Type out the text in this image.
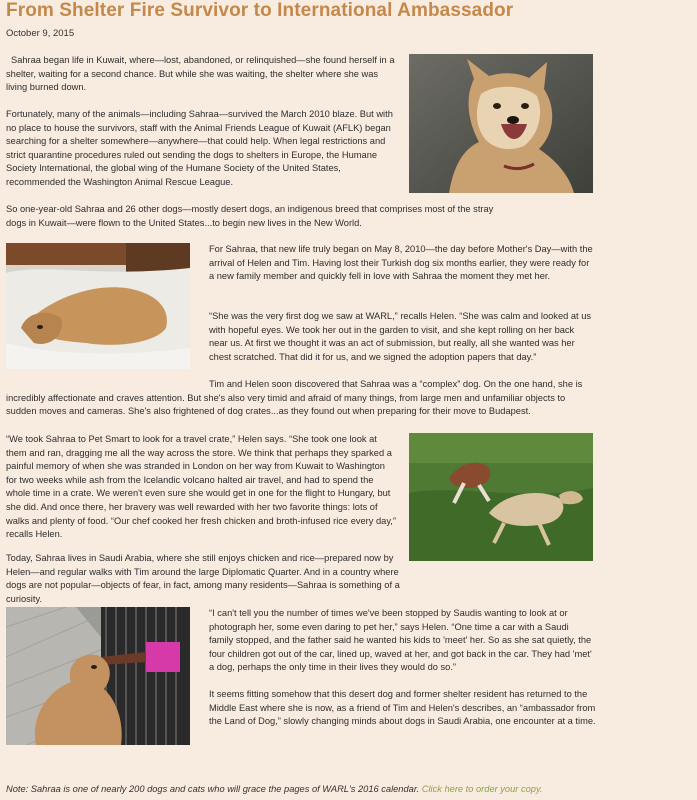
From Shelter Fire Survivor to International Ambassador
October 9, 2015

Sahraa began life in Kuwait, where—lost, abandoned, or relinquished—she found herself in a shelter, waiting for a second chance. But while she was waiting, the shelter where she was living burned down.

Fortunately, many of the animals—including Sahraa—survived the March 2010 blaze. But with no place to house the survivors, staff with the Animal Friends League of Kuwait (AFLK) began searching for a shelter somewhere—anywhere—that could help. When legal restrictions and strict quarantine procedures ruled out sending the dogs to shelters in Europe, the Humane Society International, the global wing of the Humane Society of the United States, recommended the Washington Animal Rescue League.

So one-year-old Sahraa and 26 other dogs—mostly desert dogs, an indigenous breed that comprises most of the stray dogs in Kuwait—were flown to the United States...to begin new lives in the New World.

For Sahraa, that new life truly began on May 8, 2010—the day before Mother's Day—with the arrival of Helen and Tim. Having lost their Turkish dog six months earlier, they were ready for a new family member and quickly fell in love with Sahraa the moment they met her.

“She was the very first dog we saw at WARL,” recalls Helen. “She was calm and looked at us with hopeful eyes. We took her out in the garden to visit, and she kept rolling on her back near us. At first we thought it was an act of submission, but really, all she wanted was her chest scratched. That did it for us, and we signed the adoption papers that day.”

Tim and Helen soon discovered that Sahraa was a “complex” dog. On the one hand, she is incredibly affectionate and craves attention. But she's also very timid and afraid of many things, from large men and unfamiliar objects to sudden moves and cameras. She's also frightened of dog crates...as they found out when preparing for their move to Budapest.

“We took Sahraa to Pet Smart to look for a travel crate,” Helen says. “She took one look at them and ran, dragging me all the way across the store. We think that perhaps they sparked a painful memory of when she was stranded in London on her way from Kuwait to Washington for two weeks while ash from the Icelandic volcano halted air travel, and had to spend the whole time in a crate. We weren't even sure she would get in one for the flight to Hungary, but she did. And once there, her bravery was well rewarded with her two favorite things: lots of walks and plenty of food. “Our chef cooked her fresh chicken and broth-infused rice every day,” recalls Helen.

Today, Sahraa lives in Saudi Arabia, where she still enjoys chicken and rice—prepared now by Helen—and regular walks with Tim around the large Diplomatic Quarter. And in a country where dogs are not popular—objects of fear, in fact, among many residents—Sahraa is something of a curiosity.

“I can't tell you the number of times we've been stopped by Saudis wanting to look at or photograph her, some even daring to pet her,” says Helen. “One time a car with a Saudi family stopped, and the father said he wanted his kids to 'meet' her. So as she sat quietly, the four children got out of the car, lined up, waved at her, and got back in the car. They had 'met' a dog, perhaps the only time in their lives they would do so.”

It seems fitting somehow that this desert dog and former shelter resident has returned to the Middle East where she is now, as a friend of Tim and Helen's describes, an “ambassador from the Land of Dog,” slowly changing minds about dogs in Saudi Arabia, one encounter at a time.

Note: Sahraa is one of nearly 200 dogs and cats who will grace the pages of WARL's 2016 calendar. Click here to order your copy.
